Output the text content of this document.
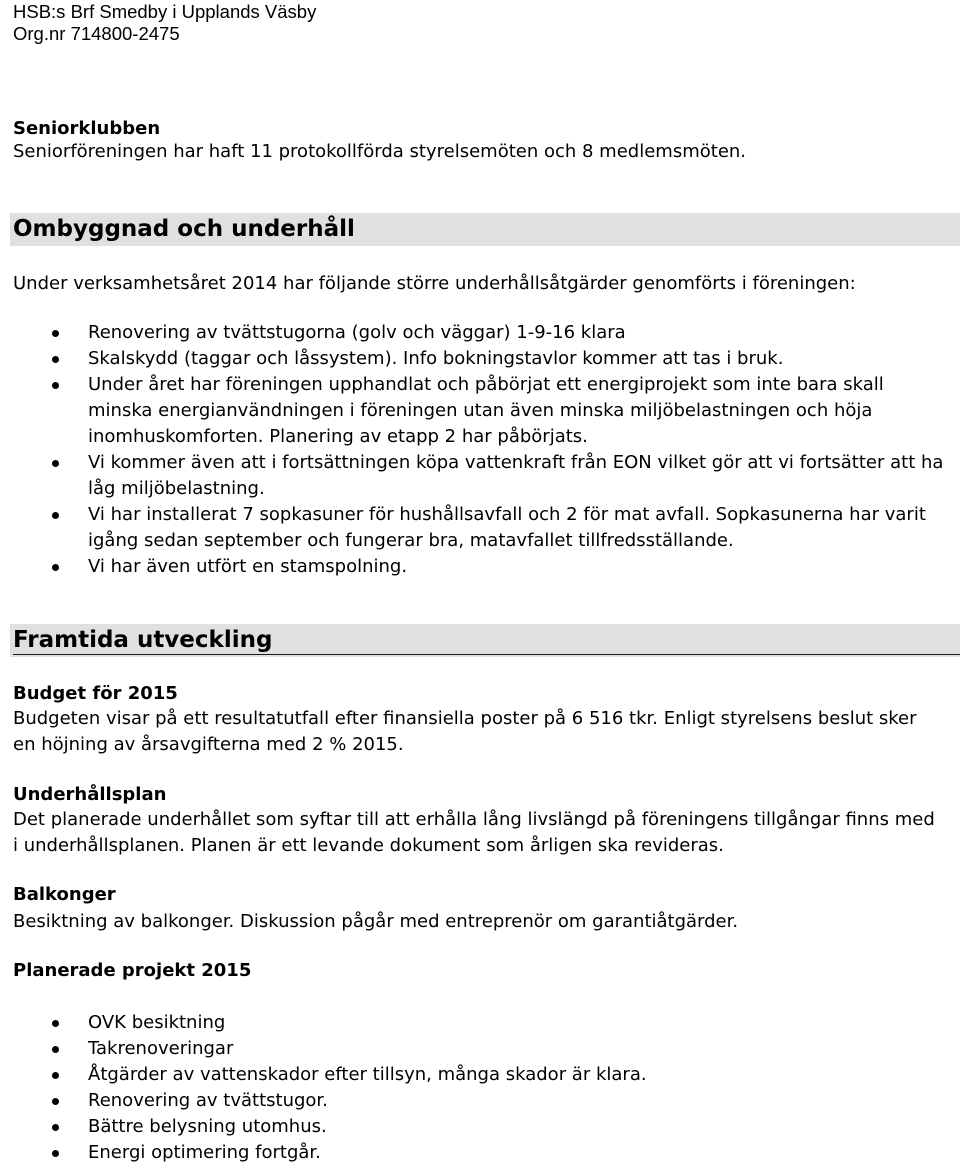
HSB:s Brf Smedby i Upplands Väsby
Org.nr 714800-2475
Seniorklubben
Seniorföreningen har haft 11 protokollförda styrelsemöten och 8 medlemsmöten.
Ombyggnad och underhåll
Under verksamhetsåret 2014 har följande större underhållsåtgärder genomförts i föreningen:
Renovering av tvättstugorna (golv och väggar) 1-9-16 klara
Skalskydd (taggar och låssystem). Info bokningstavlor kommer att tas i bruk.
Under året har föreningen upphandlat och påbörjat ett energiprojekt som inte bara skall minska energianvändningen i föreningen utan även minska miljöbelastningen och höja inomhuskomforten. Planering av etapp 2 har påbörjats.
Vi kommer även att i fortsättningen köpa vattenkraft från EON vilket gör att vi fortsätter att ha låg miljöbelastning.
Vi har installerat 7 sopkasuner för hushållsavfall och 2 för mat avfall. Sopkasunerna har varit igång sedan september och fungerar bra, matavfallet tillfredsställande.
Vi har även utfört en stamspolning.
Framtida utveckling
Budget för 2015
Budgeten visar på ett resultatutfall efter finansiella poster på 6 516 tkr. Enligt styrelsens beslut sker en höjning av årsavgifterna med 2 % 2015.
Underhållsplan
Det planerade underhållet som syftar till att erhålla lång livslängd på föreningens tillgångar finns med i underhållsplanen. Planen är ett levande dokument som årligen ska revideras.
Balkonger
Besiktning av balkonger. Diskussion pågår med entreprenör om garantiåtgärder.
Planerade projekt 2015
OVK besiktning
Takrenoveringar
Åtgärder av vattenskador efter tillsyn, många skador är klara.
Renovering av tvättstugor.
Bättre belysning utomhus.
Energi optimering fortgår.
